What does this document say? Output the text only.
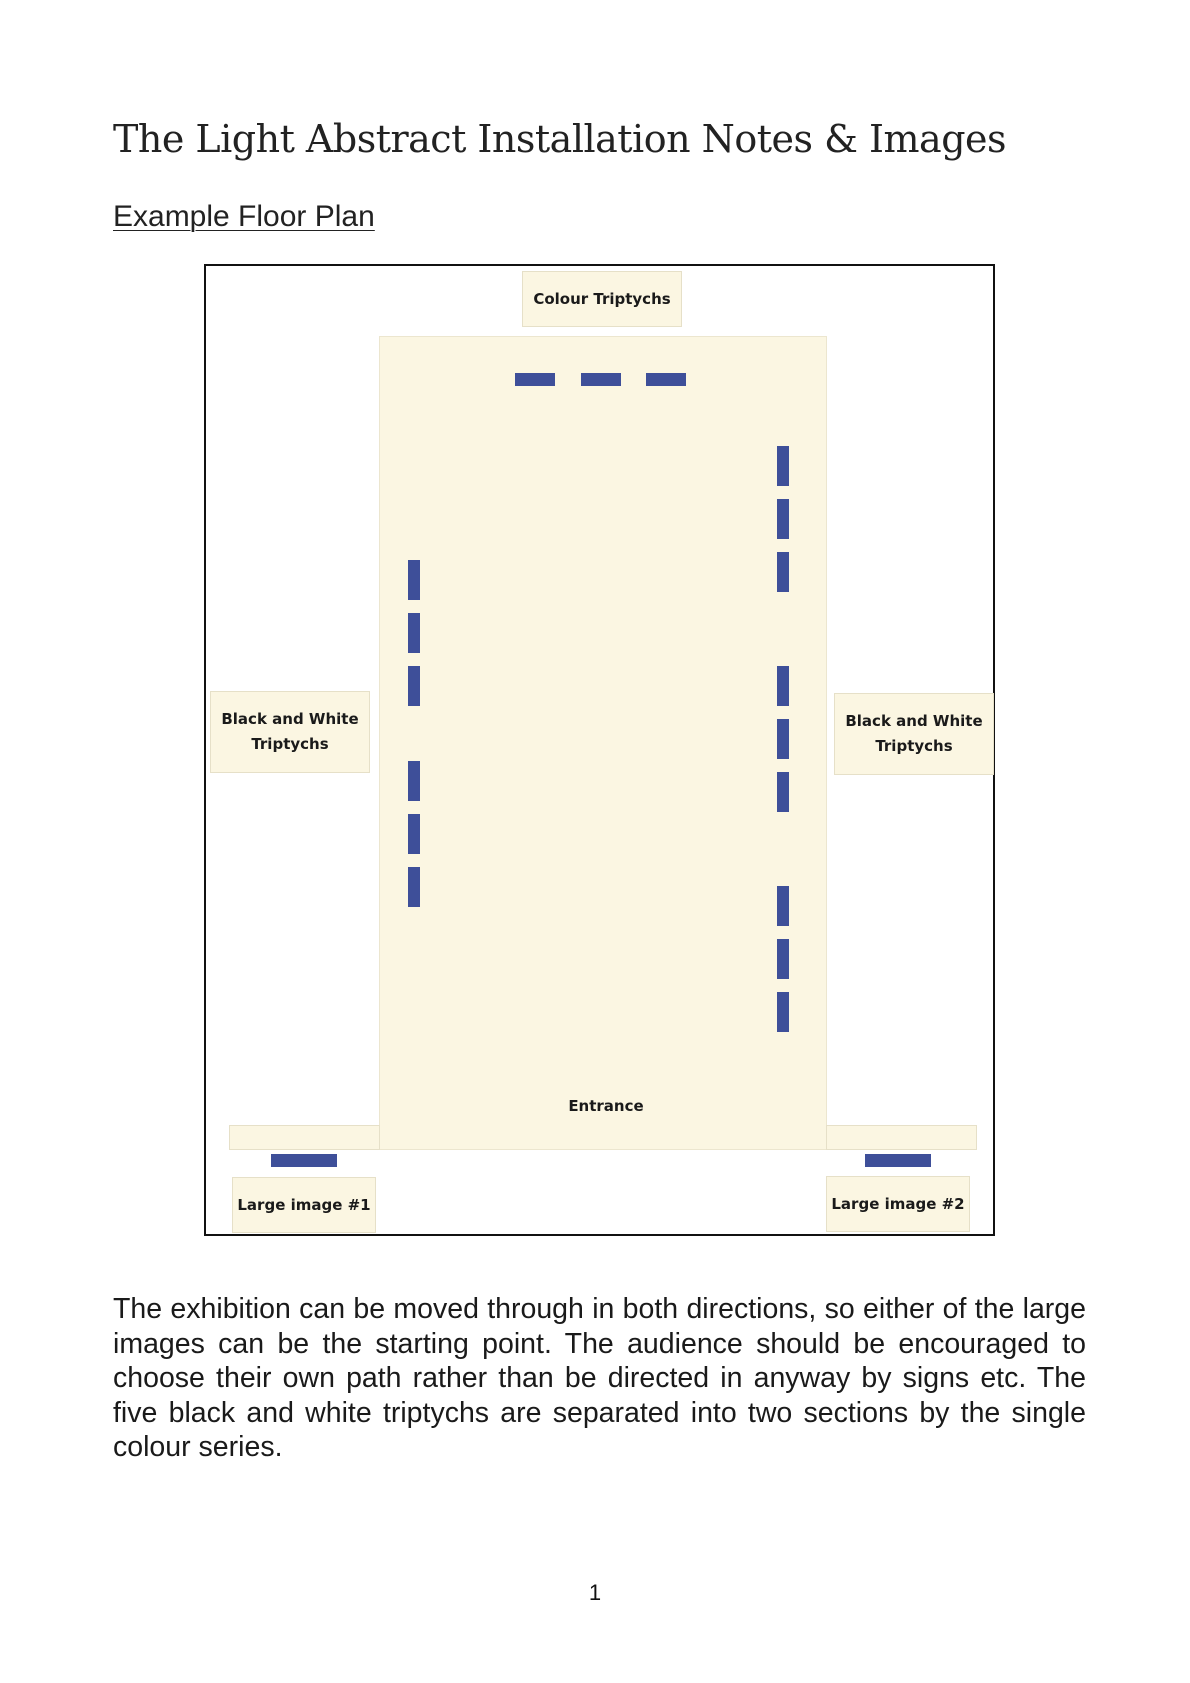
The Light Abstract Installation Notes & Images
Example Floor Plan
Colour Triptychs
Black and White
Triptychs
Black and White
Triptychs
Large image #1	Large image #2
Entrance

The exhibition can be moved through in both directions, so either of the large images can be the starting point. The audience should be encouraged to choose their own path rather than be directed in anyway by signs etc. The five black and white triptychs are separated into two sections by the single colour series.

1
